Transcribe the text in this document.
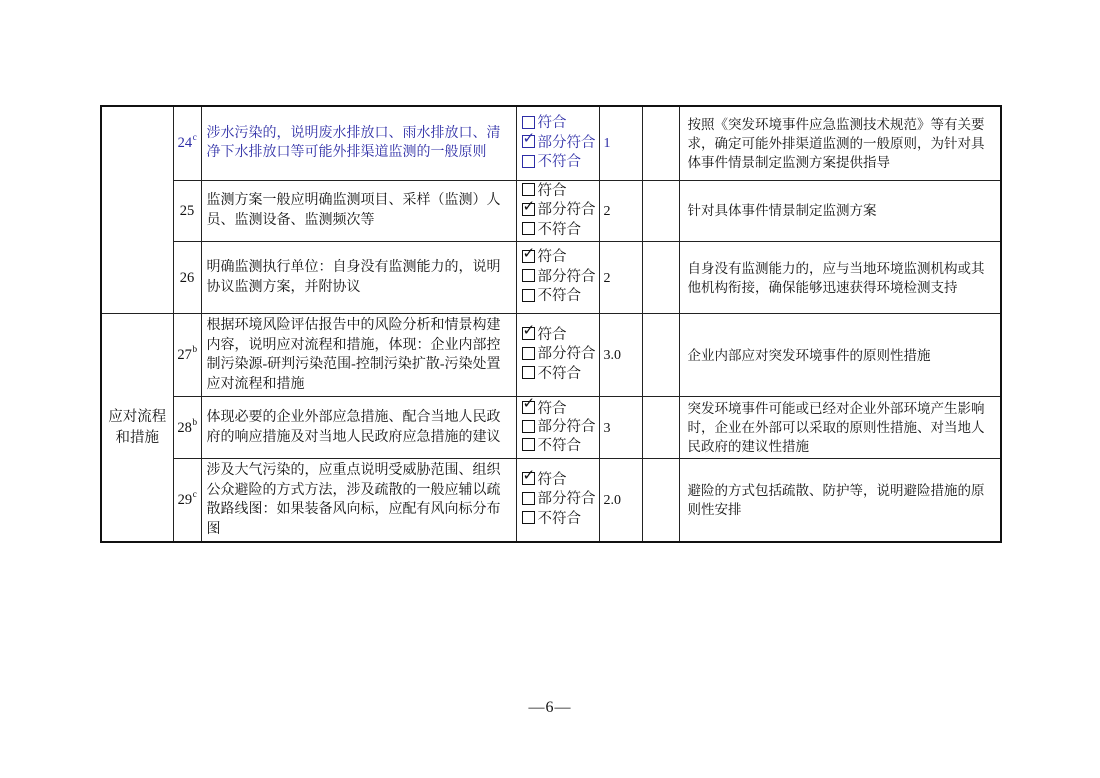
	24$^c$	涉水污染的，说明废水排放口、雨水排放口、清净下水排放口等可能外排渠道监测的一般原则	符合
✓部分符合
不符合	1		按照《突发环境事件应急监测技术规范》等有关要求，确定可能外排渠道监测的一般原则，为针对具体事件情景制定监测方案提供指导
	25	监测方案一般应明确监测项目、采样（监测）人员、监测设备、监测频次等	符合
✓部分符合
不符合	2		针对具体事件情景制定监测方案
	26	明确监测执行单位：自身没有监测能力的，说明协议监测方案，并附协议	
✓符合
部分符合
不符合	2		自身没有监测能力的，应与当地环境监测机构或其他机构衔接，确保能够迅速获得环境检测支持
应对流程和措施	27$^b$	根据环境风险评估报告中的风险分析和情景构建内容，说明应对流程和措施，体现：企业内部控制污染源-研判污染范围-控制污染扩散-污染处置应对流程和措施	
✓符合
部分符合
不符合	3.0		企业内部应对突发环境事件的原则性措施
	28$^b$	体现必要的企业外部应急措施、配合当地人民政府的响应措施及对当地人民政府应急措施的建议	
✓符合
部分符合
不符合	3		突发环境事件可能或已经对企业外部环境产生影响时，企业在外部可以采取的原则性措施、对当地人民政府的建议性措施
	29$^c$	涉及大气污染的，应重点说明受威胁范围、组织公众避险的方式方法，涉及疏散的一般应辅以疏散路线图：如果装备风向标，应配有风向标分布图	
✓符合
部分符合
不符合	2.0		避险的方式包括疏散、防护等，说明避险措施的原则性安排
—6—
